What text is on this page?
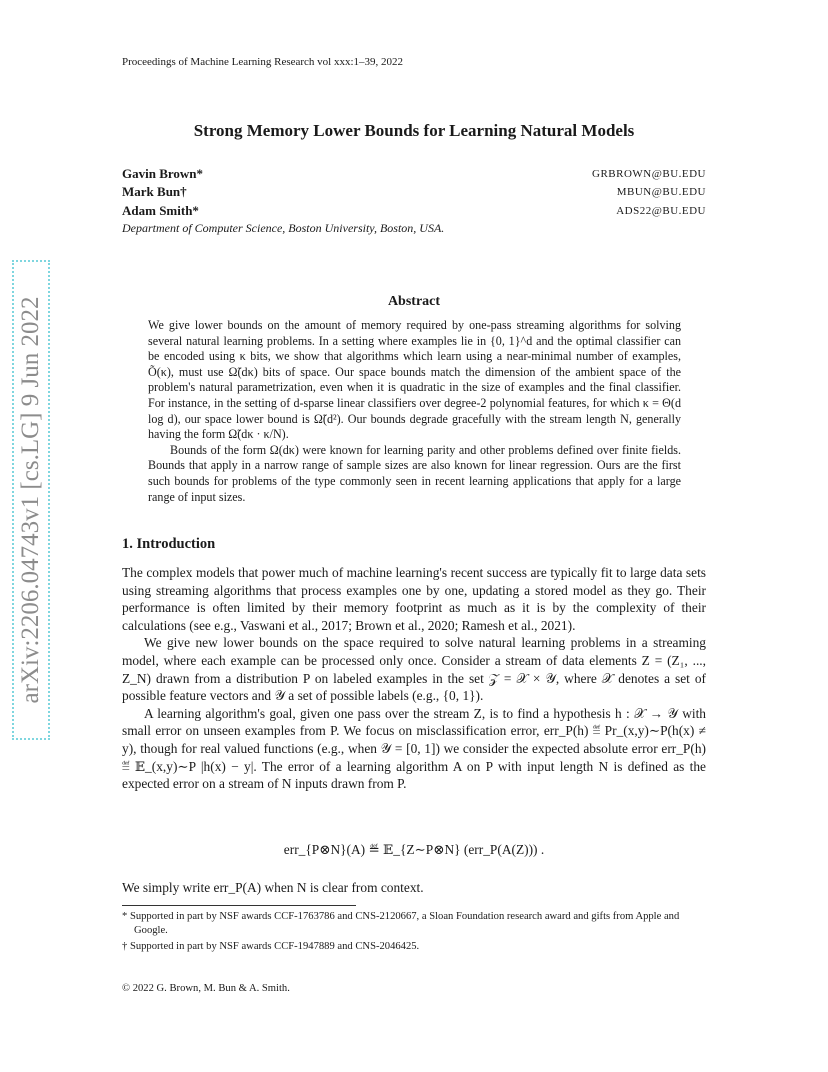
Proceedings of Machine Learning Research vol xxx:1–39, 2022
Strong Memory Lower Bounds for Learning Natural Models
Gavin Brown*	GRBROWN@BU.EDU
Mark Bun†	MBUN@BU.EDU
Adam Smith*	ADS22@BU.EDU
Department of Computer Science, Boston University, Boston, USA.
arXiv:2206.04743v1 [cs.LG] 9 Jun 2022	Abstract

We give lower bounds on the amount of memory required by one-pass streaming algorithms for solving several natural learning problems. In a setting where examples lie in {0, 1}^d and the optimal classifier can be encoded using κ bits, we show that algorithms which learn using a near-minimal number of examples, Õ(κ), must use Ω̃(dκ) bits of space. Our space bounds match the dimension of the ambient space of the problem's natural parametrization, even when it is quadratic in the size of examples and the final classifier. For instance, in the setting of d-sparse linear classifiers over degree-2 polynomial features, for which κ = Θ(d log d), our space lower bound is Ω̃(d²). Our bounds degrade gracefully with the stream length N, generally having the form Ω̃(dκ · κ/N).

Bounds of the form Ω(dκ) were known for learning parity and other problems defined over finite fields. Bounds that apply in a narrow range of sample sizes are also known for linear regression. Ours are the first such bounds for problems of the type commonly seen in recent learning applications that apply for a large range of input sizes.

1. Introduction

The complex models that power much of machine learning's recent success are typically fit to large data sets using streaming algorithms that process examples one by one, updating a stored model as they go. Their performance is often limited by their memory footprint as much as it is by the complexity of their calculations (see e.g., Vaswani et al., 2017; Brown et al., 2020; Ramesh et al., 2021).

We give new lower bounds on the space required to solve natural learning problems in a streaming model, where each example can be processed only once. Consider a stream of data elements Z = (Z₁, ..., Z_N) drawn from a distribution P on labeled examples in the set 𝒵 = 𝒳 × 𝒴, where 𝒳 denotes a set of possible feature vectors and 𝒴 a set of possible labels (e.g., {0, 1}).

A learning algorithm's goal, given one pass over the stream Z, is to find a hypothesis h : 𝒳 → 𝒴 with small error on unseen examples from P. We focus on misclassification error, err_P(h) ≝ Pr_(x,y)∼P(h(x) ≠ y), though for real valued functions (e.g., when 𝒴 = [0, 1]) we consider the expected absolute error err_P(h) ≝ 𝔼_(x,y)∼P |h(x) − y|. The error of a learning algorithm A on P with input length N is defined as the expected error on a stream of N inputs drawn from P.

err_{P⊗N}(A) ≝ 𝔼_{Z∼P⊗N} (err_P(A(Z))) .
We simply write err_P(A) when N is clear from context.

* Supported in part by NSF awards CCF-1763786 and CNS-2120667, a Sloan Foundation research award and gifts from Apple and Google.

† Supported in part by NSF awards CCF-1947889 and CNS-2046425.

© 2022 G. Brown, M. Bun & A. Smith.
